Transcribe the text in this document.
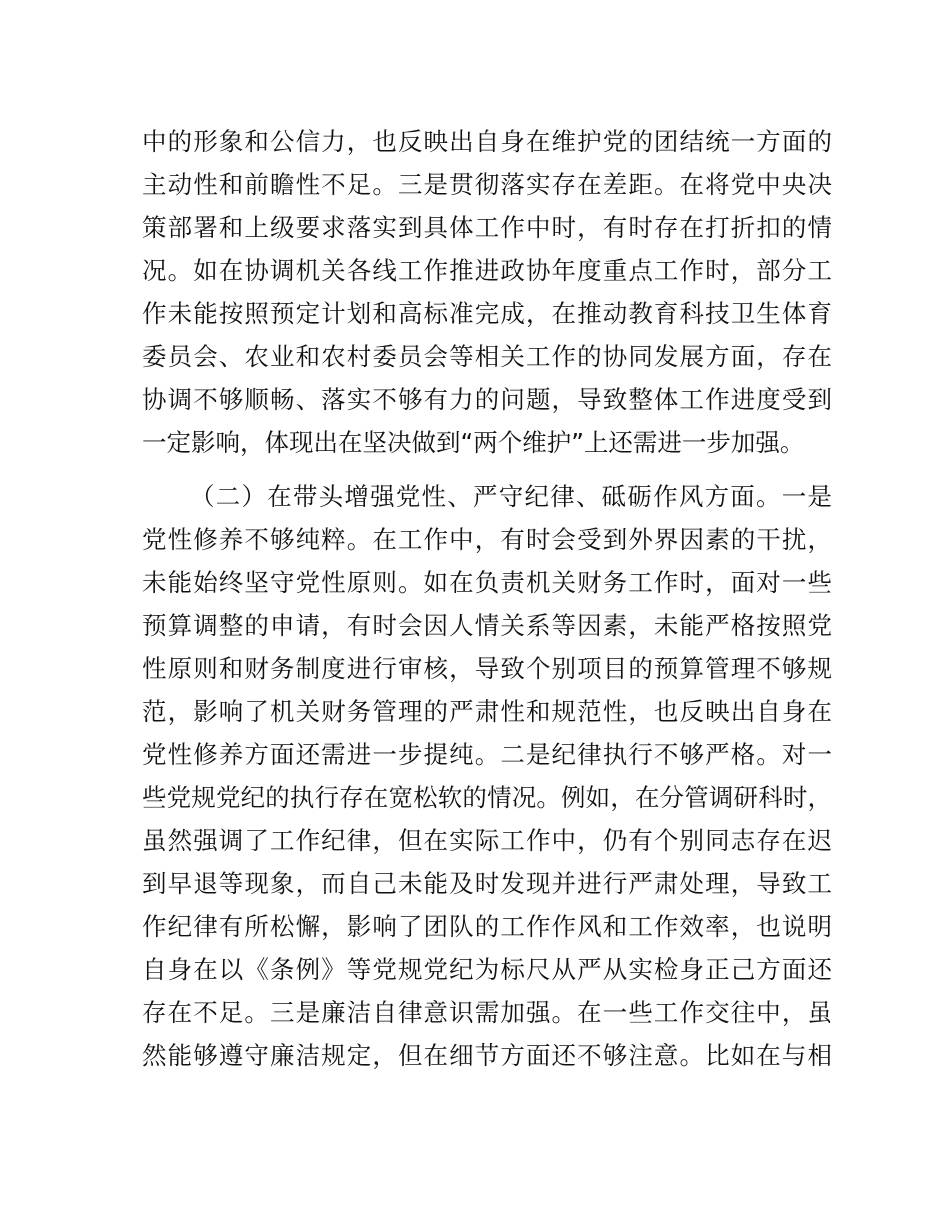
中的形象和公信力，也反映出自身在维护党的团结统一方面的
主动性和前瞻性不足。三是贯彻落实存在差距。在将党中央决
策部署和上级要求落实到具体工作中时，有时存在打折扣的情
况。如在协调机关各线工作推进政协年度重点工作时，部分工
作未能按照预定计划和高标准完成，在推动教育科技卫生体育
委员会、农业和农村委员会等相关工作的协同发展方面，存在
协调不够顺畅、落实不够有力的问题，导致整体工作进度受到
一定影响，体现出在坚决做到“两个维护”上还需进一步加强。
（二）在带头增强党性、严守纪律、砥砺作风方面。一是
党性修养不够纯粹。在工作中，有时会受到外界因素的干扰，
未能始终坚守党性原则。如在负责机关财务工作时，面对一些
预算调整的申请，有时会因人情关系等因素，未能严格按照党
性原则和财务制度进行审核，导致个别项目的预算管理不够规
范，影响了机关财务管理的严肃性和规范性，也反映出自身在
党性修养方面还需进一步提纯。二是纪律执行不够严格。对一
些党规党纪的执行存在宽松软的情况。例如，在分管调研科时，
虽然强调了工作纪律，但在实际工作中，仍有个别同志存在迟
到早退等现象，而自己未能及时发现并进行严肃处理，导致工
作纪律有所松懈，影响了团队的工作作风和工作效率，也说明
自身在以《条例》等党规党纪为标尺从严从实检身正己方面还
存在不足。三是廉洁自律意识需加强。在一些工作交往中，虽
然能够遵守廉洁规定，但在细节方面还不够注意。比如在与相
